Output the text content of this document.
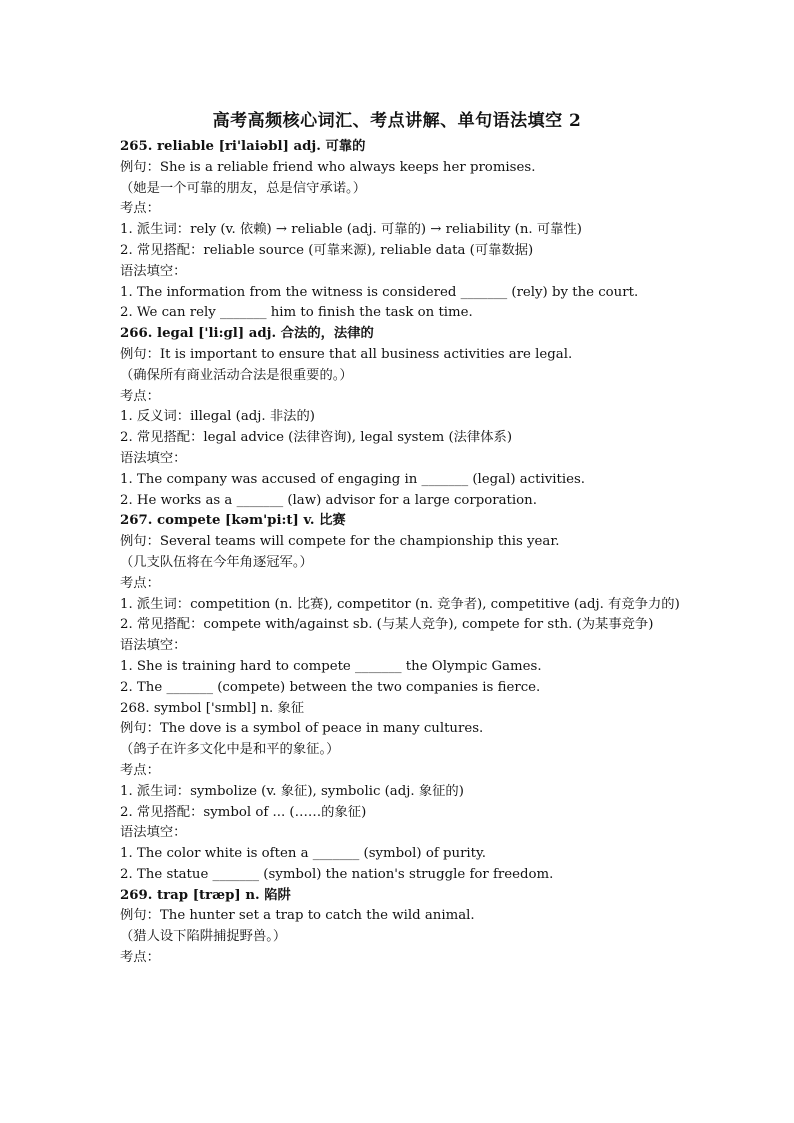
高考高频核心词汇、考点讲解、单句语法填空 2
265. reliable [ri'laiəbl] adj. 可靠的
例句：She is a reliable friend who always keeps her promises.
（她是一个可靠的朋友，总是信守承诺。）
考点：
1. 派生词：rely (v. 依赖) → reliable (adj. 可靠的) → reliability (n. 可靠性)
2. 常见搭配：reliable source (可靠来源), reliable data (可靠数据)
语法填空：
1. The information from the witness is considered _______ (rely) by the court.
2. We can rely _______ him to finish the task on time.
266. legal ['li:gl] adj. 合法的，法律的
例句：It is important to ensure that all business activities are legal.
（确保所有商业活动合法是很重要的。）
考点：
1. 反义词：illegal (adj. 非法的)
2. 常见搭配：legal advice (法律咨询), legal system (法律体系)
语法填空：
1. The company was accused of engaging in _______ (legal) activities.
2. He works as a _______ (law) advisor for a large corporation.
267. compete [kəm'pi:t] v. 比赛
例句：Several teams will compete for the championship this year.
（几支队伍将在今年角逐冠军。）
考点：
1. 派生词：competition (n. 比赛), competitor (n. 竞争者), competitive (adj. 有竞争力的)
2. 常见搭配：compete with/against sb. (与某人竞争), compete for sth. (为某事竞争)
语法填空：
1. She is training hard to compete _______ the Olympic Games.
2. The _______ (compete) between the two companies is fierce.
268. symbol ['sɪmbl] n. 象征
例句：The dove is a symbol of peace in many cultures.
（鸽子在许多文化中是和平的象征。）
考点：
1. 派生词：symbolize (v. 象征), symbolic (adj. 象征的)
2. 常见搭配：symbol of ... (……的象征)
语法填空：
1. The color white is often a _______ (symbol) of purity.
2. The statue _______ (symbol) the nation's struggle for freedom.
269. trap [træp] n. 陷阱
例句：The hunter set a trap to catch the wild animal.
（猎人设下陷阱捕捉野兽。）
考点：
